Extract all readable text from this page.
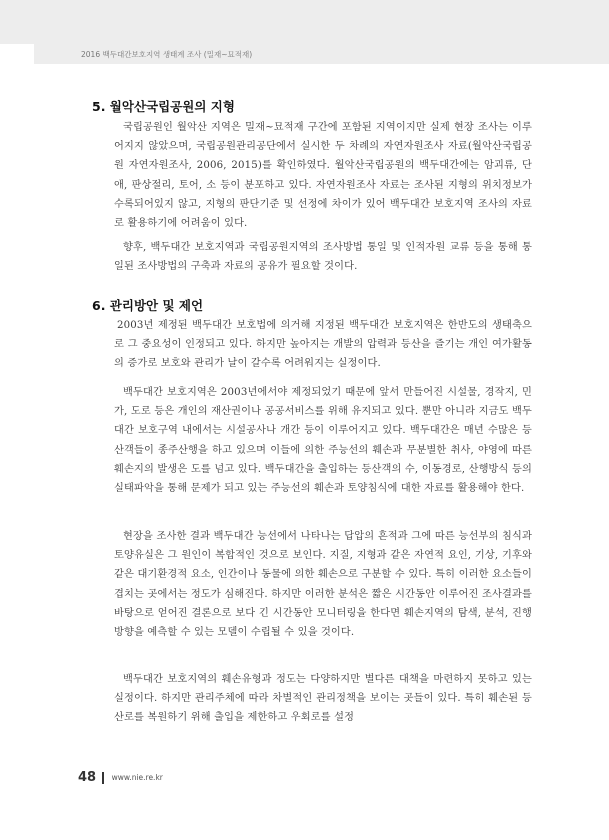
2016 백두대간보호지역 생태계 조사 (밀재~묘적재)
5. 월악산국립공원의 지형

국립공원인 월악산 지역은 밀재~묘적재 구간에 포함된 지역이지만 실제 현장 조사는 이루어지지 않았으며, 국립공원관리공단에서 실시한 두 차례의 자연자원조사 자료(월악산국립공원 자연자원조사, 2006, 2015)를 확인하였다. 월악산국립공원의 백두대간에는 암괴류, 단애, 판상절리, 토어, 소 등이 분포하고 있다. 자연자원조사 자료는 조사된 지형의 위치정보가 수록되어있지 않고, 지형의 판단기준 및 선정에 차이가 있어 백두대간 보호지역 조사의 자료로 활용하기에 어려움이 있다.

향후, 백두대간 보호지역과 국립공원지역의 조사방법 통일 및 인적자원 교류 등을 통해 통일된 조사방법의 구축과 자료의 공유가 필요할 것이다.

6. 관리방안 및 제언

2003년 제정된 백두대간 보호법에 의거해 지정된 백두대간 보호지역은 한반도의 생태축으로 그 중요성이 인정되고 있다. 하지만 높아지는 개발의 압력과 등산을 즐기는 개인 여가활동의 증가로 보호와 관리가 날이 갈수록 어려워지는 실정이다.

백두대간 보호지역은 2003년에서야 제정되었기 때문에 앞서 만들어진 시설물, 경작지, 민가, 도로 등은 개인의 재산권이나 공공서비스를 위해 유지되고 있다. 뿐만 아니라 지금도 백두대간 보호구역 내에서는 시설공사나 개간 등이 이루어지고 있다. 백두대간은 매년 수많은 등산객들이 종주산행을 하고 있으며 이들에 의한 주능선의 훼손과 무분별한 취사, 야영에 따른 훼손지의 발생은 도를 넘고 있다. 백두대간을 출입하는 등산객의 수, 이동경로, 산행방식 등의 실태파악을 통해 문제가 되고 있는 주능선의 훼손과 토양침식에 대한 자료를 활용해야 한다.

현장을 조사한 결과 백두대간 능선에서 나타나는 답압의 흔적과 그에 따른 능선부의 침식과 토양유실은 그 원인이 복합적인 것으로 보인다. 지질, 지형과 같은 자연적 요인, 기상, 기후와 같은 대기환경적 요소, 인간이나 동물에 의한 훼손으로 구분할 수 있다. 특히 이러한 요소들이 겹치는 곳에서는 정도가 심해진다. 하지만 이러한 분석은 짧은 시간동안 이루어진 조사결과를 바탕으로 얻어진 결론으로 보다 긴 시간동안 모니터링을 한다면 훼손지역의 탐색, 분석, 진행방향을 예측할 수 있는 모델이 수립될 수 있을 것이다.

백두대간 보호지역의 훼손유형과 정도는 다양하지만 별다른 대책을 마련하지 못하고 있는 실정이다. 하지만 관리주체에 따라 차별적인 관리정책을 보이는 곳들이 있다. 특히 훼손된 등산로를 복원하기 위해 출입을 제한하고 우회로를 설정

48 www.nie.re.kr
